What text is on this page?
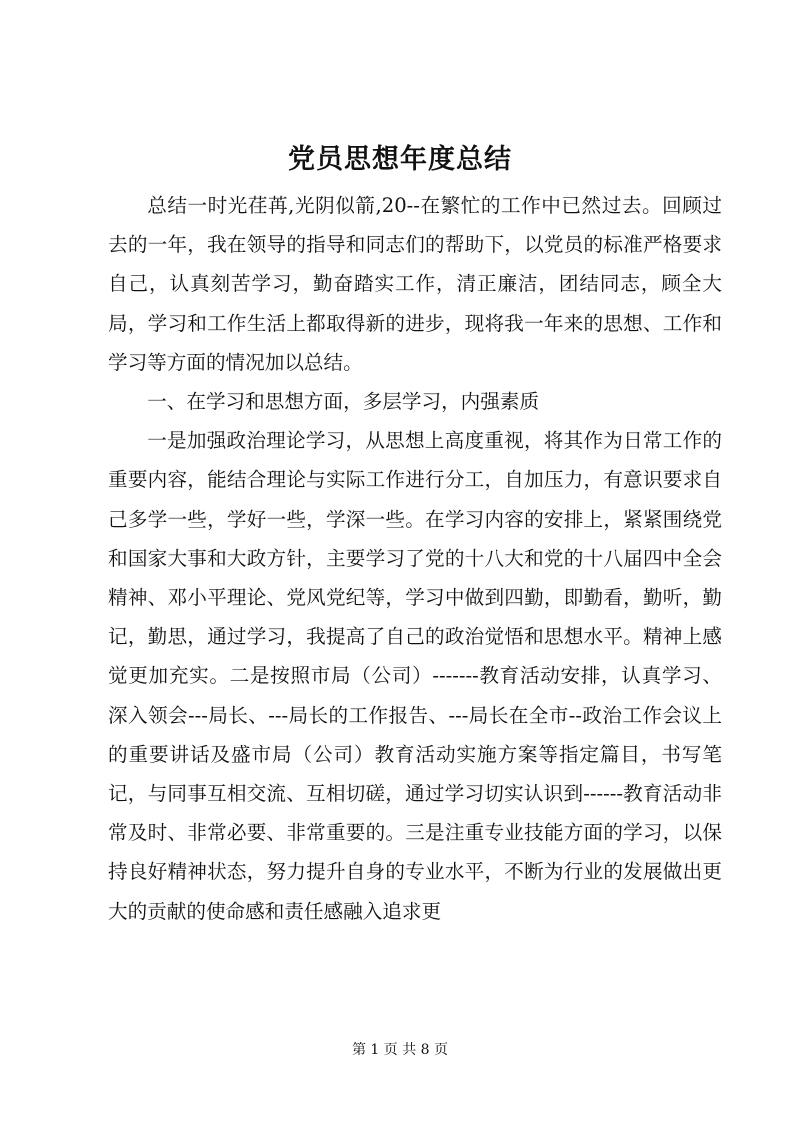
党员思想年度总结

总结一时光荏苒,光阴似箭,20--在繁忙的工作中已然过去。回顾过去的一年，我在领导的指导和同志们的帮助下，以党员的标准严格要求自己，认真刻苦学习，勤奋踏实工作，清正廉洁，团结同志，顾全大局，学习和工作生活上都取得新的进步，现将我一年来的思想、工作和学习等方面的情况加以总结。

一、在学习和思想方面，多层学习，内强素质

一是加强政治理论学习，从思想上高度重视，将其作为日常工作的重要内容，能结合理论与实际工作进行分工，自加压力，有意识要求自己多学一些，学好一些，学深一些。在学习内容的安排上，紧紧围绕党和国家大事和大政方针，主要学习了党的十八大和党的十八届四中全会精神、邓小平理论、党风党纪等，学习中做到四勤，即勤看，勤听，勤记，勤思，通过学习，我提高了自己的政治觉悟和思想水平。精神上感觉更加充实。二是按照市局（公司）-------教育活动安排，认真学习、深入领会---局长、---局长的工作报告、---局长在全市--政治工作会议上的重要讲话及盛市局（公司）教育活动实施方案等指定篇目，书写笔记，与同事互相交流、互相切磋，通过学习切实认识到------教育活动非常及时、非常必要、非常重要的。三是注重专业技能方面的学习，以保持良好精神状态，努力提升自身的专业水平，不断为行业的发展做出更大的贡献的使命感和责任感融入追求更

第 1 页 共 8 页
